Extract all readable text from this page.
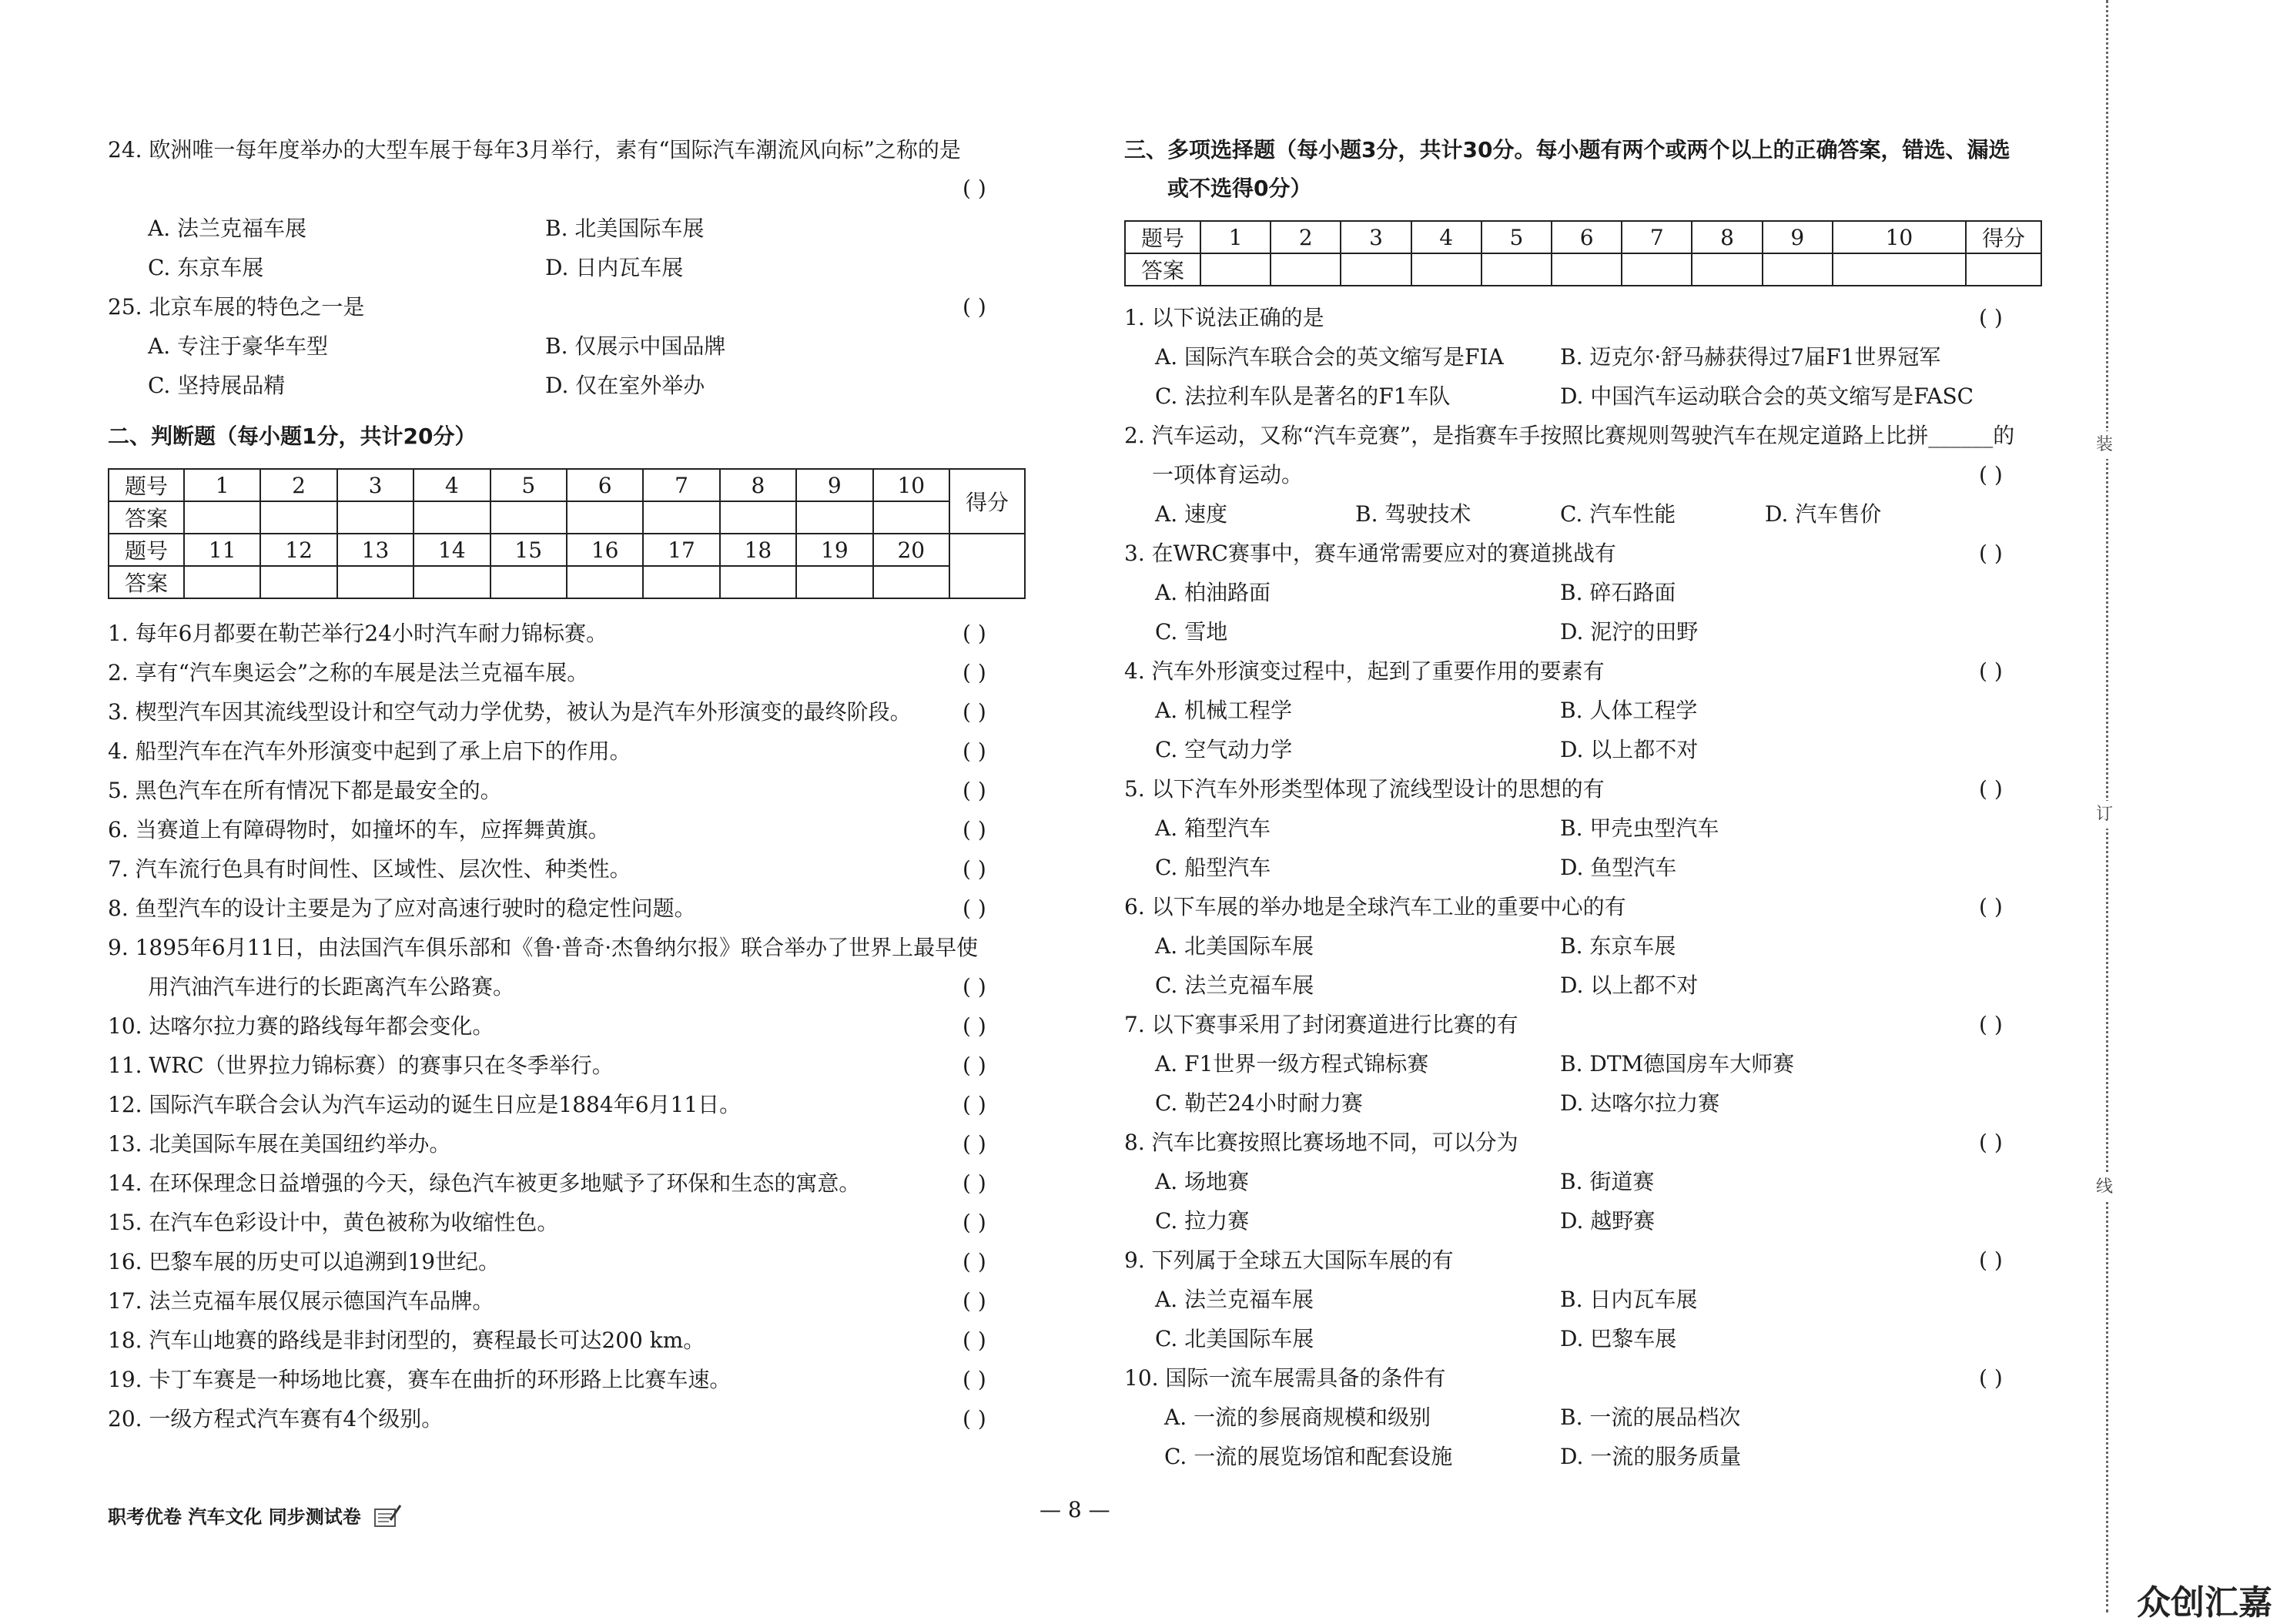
24. 欧洲唯一每年度举办的大型车展于每年3月举行，素有“国际汽车潮流风向标”之称的是
( )
A. 法兰克福车展	B. 北美国际车展
C. 东京车展	D. 日内瓦车展
25. 北京车展的特色之一是	( )
A. 专注于豪华车型	B. 仅展示中国品牌
C. 坚持展品精	D. 仅在室外举办
二、判断题（每小题1分，共计20分）
题号	1	2	3	4	5	6	7	8	9	10	得分
答案											
题号	11	12	13	14	15	16	17	18	19	20	
答案											
1. 每年6月都要在勒芒举行24小时汽车耐力锦标赛。
2. 享有“汽车奥运会”之称的车展是法兰克福车展。
3. 楔型汽车因其流线型设计和空气动力学优势，被认为是汽车外形演变的最终阶段。
4. 船型汽车在汽车外形演变中起到了承上启下的作用。
5. 黑色汽车在所有情况下都是最安全的。
6. 当赛道上有障碍物时，如撞坏的车，应挥舞黄旗。
7. 汽车流行色具有时间性、区域性、层次性、种类性。
8. 鱼型汽车的设计主要是为了应对高速行驶时的稳定性问题。
9. 1895年6月11日，由法国汽车俱乐部和《鲁·普奇·杰鲁纳尔报》联合举办了世界上最早使
用汽油汽车进行的长距离汽车公路赛。
10. 达喀尔拉力赛的路线每年都会变化。
11. WRC（世界拉力锦标赛）的赛事只在冬季举行。
12. 国际汽车联合会认为汽车运动的诞生日应是1884年6月11日。
13. 北美国际车展在美国纽约举办。
14. 在环保理念日益增强的今天，绿色汽车被更多地赋予了环保和生态的寓意。
15. 在汽车色彩设计中，黄色被称为收缩性色。
16. 巴黎车展的历史可以追溯到19世纪。
17. 法兰克福车展仅展示德国汽车品牌。
18. 汽车山地赛的路线是非封闭型的，赛程最长可达200 km。
19. 卡丁车赛是一种场地比赛，赛车在曲折的环形路上比赛车速。
20. 一级方程式汽车赛有4个级别。
( )
( )
( )
( )
( )
( )
( )
( )
( )
( )
( )
( )
( )
( )
( )
( )
( )
( )
( )
( )
三、多项选择题（每小题3分，共计30分。每小题有两个或两个以上的正确答案，错选、漏选
或不选得0分）
题号	1	2	3	4	5	6	7	8	9	10	得分
答案											
1. 以下说法正确的是	( )
A. 国际汽车联合会的英文缩写是FIA	B. 迈克尔·舒马赫获得过7届F1世界冠军
C. 法拉利车队是著名的F1车队	D. 中国汽车运动联合会的英文缩写是FASC
2. 汽车运动，又称“汽车竞赛”，是指赛车手按照比赛规则驾驶汽车在规定道路上比拼______的
一项体育运动。	( )
A. 速度	B. 驾驶技术	C. 汽车性能	D. 汽车售价
3. 在WRC赛事中，赛车通常需要应对的赛道挑战有	( )
A. 柏油路面	B. 碎石路面
C. 雪地	D. 泥泞的田野
4. 汽车外形演变过程中，起到了重要作用的要素有	( )
A. 机械工程学	B. 人体工程学
C. 空气动力学	D. 以上都不对
5. 以下汽车外形类型体现了流线型设计的思想的有	( )
A. 箱型汽车	B. 甲壳虫型汽车
C. 船型汽车	D. 鱼型汽车
6. 以下车展的举办地是全球汽车工业的重要中心的有	( )
A. 北美国际车展	B. 东京车展
C. 法兰克福车展	D. 以上都不对
7. 以下赛事采用了封闭赛道进行比赛的有	( )
A. F1世界一级方程式锦标赛	B. DTM德国房车大师赛
C. 勒芒24小时耐力赛	D. 达喀尔拉力赛
8. 汽车比赛按照比赛场地不同，可以分为	( )
A. 场地赛	B. 街道赛
C. 拉力赛	D. 越野赛
9. 下列属于全球五大国际车展的有	( )
A. 法兰克福车展	B. 日内瓦车展
C. 北美国际车展	D. 巴黎车展
10. 国际一流车展需具备的条件有	( )
A. 一流的参展商规模和级别	B. 一流的展品档次
C. 一流的展览场馆和配套设施	D. 一流的服务质量
职考优卷 汽车文化 同步测试卷	— 8 —
装
订
线
众创汇嘉
